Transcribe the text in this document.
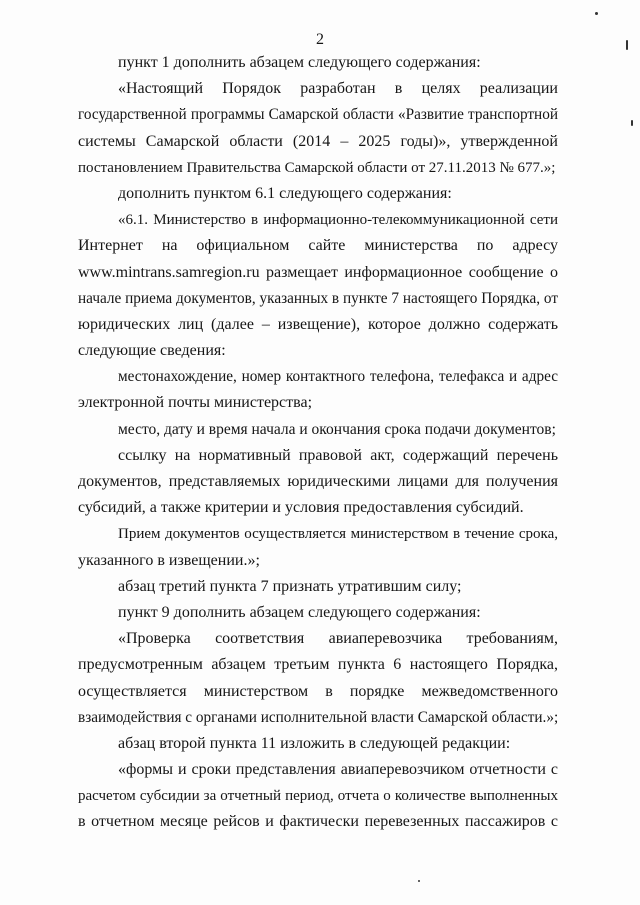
2
пункт 1 дополнить абзацем следующего содержания:
«Настоящий Порядок разработан в целях реализации
государственной программы Самарской области «Развитие транспортной
системы Самарской области (2014 – 2025 годы)», утвержденной
постановлением Правительства Самарской области от 27.11.2013 № 677.»;
дополнить пунктом 6.1 следующего содержания:
«6.1. Министерство в информационно-телекоммуникационной сети
Интернет на официальном сайте министерства по адресу
www.mintrans.samregion.ru размещает информационное сообщение о
начале приема документов, указанных в пункте 7 настоящего Порядка, от
юридических лиц (далее – извещение), которое должно содержать
следующие сведения:
местонахождение, номер контактного телефона, телефакса и адрес
электронной почты министерства;
место, дату и время начала и окончания срока подачи документов;
ссылку на нормативный правовой акт, содержащий перечень
документов, представляемых юридическими лицами для получения
субсидий, а также критерии и условия предоставления субсидий.
Прием документов осуществляется министерством в течение срока,
указанного в извещении.»;
абзац третий пункта 7 признать утратившим силу;
пункт 9 дополнить абзацем следующего содержания:
«Проверка соответствия авиаперевозчика требованиям,
предусмотренным абзацем третьим пункта 6 настоящего Порядка,
осуществляется министерством в порядке межведомственного
взаимодействия с органами исполнительной власти Самарской области.»;
абзац второй пункта 11 изложить в следующей редакции:
«формы и сроки представления авиаперевозчиком отчетности с
расчетом субсидии за отчетный период, отчета о количестве выполненных
в отчетном месяце рейсов и фактически перевезенных пассажиров с
